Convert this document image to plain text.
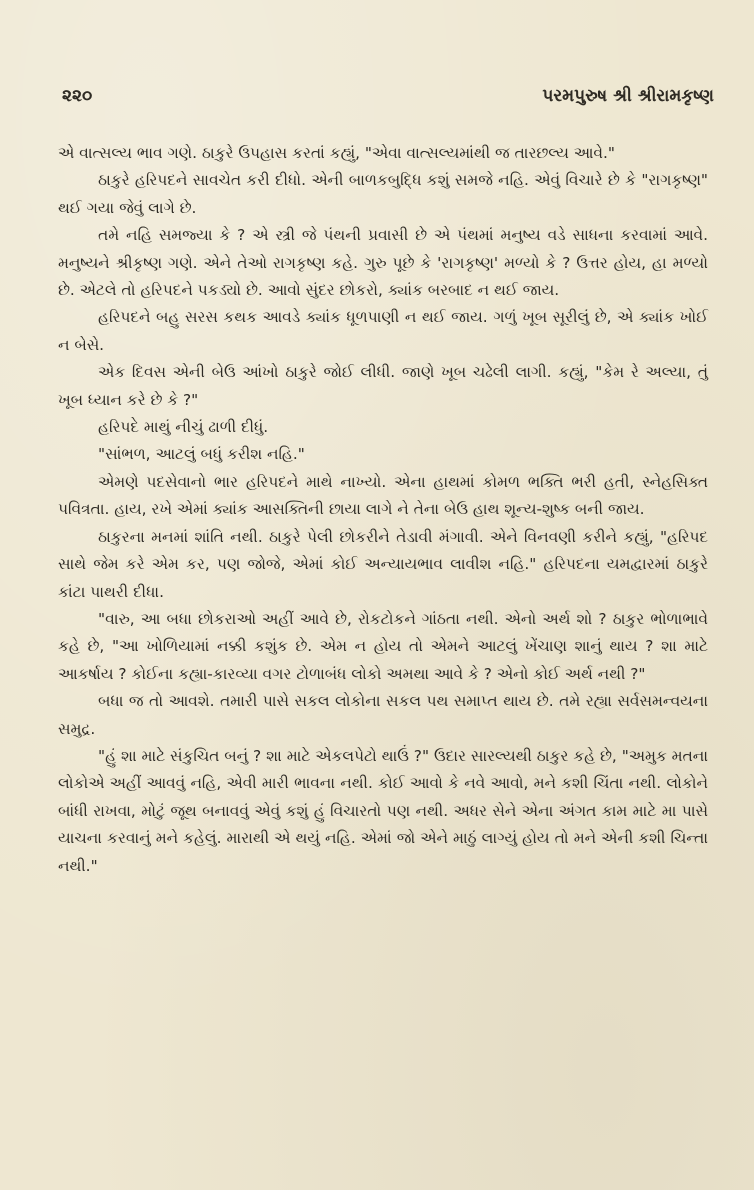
૨૨૦	પરમપુરુષ શ્રી શ્રીરામકૃષ્ણ

એ વાત્સલ્ય ભાવ ગણે. ઠાકુરે ઉપહાસ કરતાં કહ્યું, "એવા વાત્સલ્યમાંથી જ તારછલ્ય આવે."

ઠાકુરે હરિપદને સાવચેત કરી દીધો. એની બાળકબુદ્ધિ કશું સમજે નહિ. એવું વિચારે છે કે "રાગકૃષ્ણ" થઈ ગયા જેવું લાગે છે.

તમે નહિ સમજ્યા કે ? એ સ્ત્રી જે પંથની પ્રવાસી છે એ પંથમાં મનુષ્ય વડે સાધના કરવામાં આવે. મનુષ્યને શ્રીકૃષ્ણ ગણે. એને તેઓ રાગકૃષ્ણ કહે. ગુરુ પૂછે કે 'રાગકૃષ્ણ' મળ્યો કે ? ઉત્તર હોય, હા મળ્યો છે. એટલે તો હરિપદને પકડ્યો છે. આવો સુંદર છોકરો, ક્યાંક બરબાદ ન થઈ જાય.

હરિપદને બહુ સરસ કથક આવડે ક્યાંક ધૂળપાણી ન થઈ જાય. ગળું ખૂબ સૂરીલું છે, એ ક્યાંક ખોઈ ન બેસે.

એક દિવસ એની બેઉ આંખો ઠાકુરે જોઈ લીધી. જાણે ખૂબ ચઢેલી લાગી. કહ્યું, "કેમ રે અલ્યા, તું ખૂબ ધ્યાન કરે છે કે ?"

હરિપદે માથું નીચું ઢાળી દીધું.

"સાંભળ, આટલું બધું કરીશ નહિ."

એમણે પદસેવાનો ભાર હરિપદને માથે નાખ્યો. એના હાથમાં કોમળ ભક્તિ ભરી હતી, સ્નેહસિક્ત પવિત્રતા. હાય, રખે એમાં ક્યાંક આસક્તિની છાયા લાગે ને તેના બેઉ હાથ શૂન્ય-શુષ્ક બની જાય.

ઠાકુરના મનમાં શાંતિ નથી. ઠાકુરે પેલી છોકરીને તેડાવી મંગાવી. એને વિનવણી કરીને કહ્યું, "હરિપદ સાથે જેમ કરે એમ કર, પણ જોજે, એમાં કોઈ અન્યાયભાવ લાવીશ નહિ." હરિપદના યમદ્વારમાં ઠાકુરે કાંટા પાથરી દીધા.

"વારુ, આ બધા છોકરાઓ અહીં આવે છે, રોકટોકને ગાંઠતા નથી. એનો અર્થ શો ? ઠાકુર ભોળાભાવે કહે છે, "આ ખોળિયામાં નક્કી કશુંક છે. એમ ન હોય તો એમને આટલું ખેંચાણ શાનું થાય ? શા માટે આકર્ષાય ? કોઈના કહ્યા-કારવ્યા વગર ટોળાબંધ લોકો અમથા આવે કે ? એનો કોઈ અર્થ નથી ?"

બધા જ તો આવશે. તમારી પાસે સકલ લોકોના સકલ પથ સમાપ્ત થાય છે. તમે રહ્યા સર્વસમન્વયના સમુદ્ર.

"હું શા માટે સંકુચિત બનું ? શા માટે એકલપેટો થાઉં ?" ઉદાર સારલ્યથી ઠાકુર કહે છે, "અમુક મતના લોકોએ અહીં આવવું નહિ, એવી મારી ભાવના નથી. કોઈ આવો કે નવે આવો, મને કશી ચિંતા નથી. લોકોને બાંધી રાખવા, મોટું જૂથ બનાવવું એવું કશું હું વિચારતો પણ નથી. અધર સેને એના અંગત કામ માટે મા પાસે યાચના કરવાનું મને કહેલું. મારાથી એ થયું નહિ. એમાં જો એને માઠું લાગ્યું હોય તો મને એની કશી ચિન્તા નથી."
